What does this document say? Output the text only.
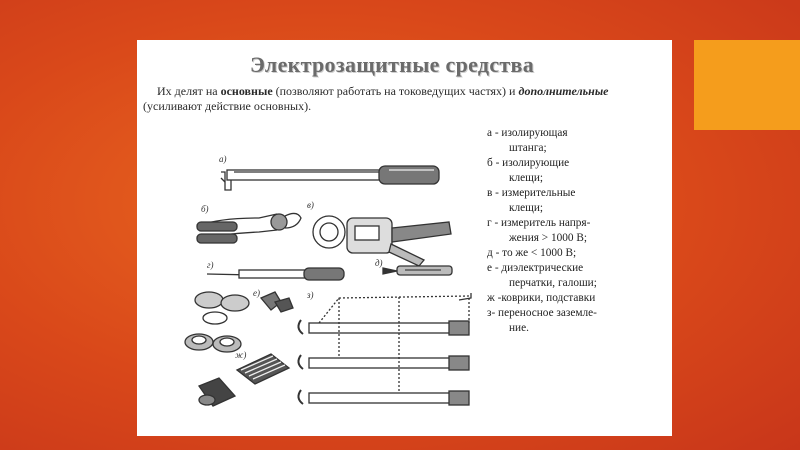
Электрозащитные средства
Их делят на основные (позволяют работать на токоведущих частях) и дополнительные (усиливают действие основных).
а - изолирующая
штанга;
б - изолирующие
клещи;
в - измерительные
клещи;
г - измеритель напря-
жения > 1000 В;
д - то же < 1000 В;
е - диэлектрические
перчатки, галоши;
ж -коврики, подставки
з- переносное заземле-
ние.
а)
б)	в)
г)	д)
е)	з)
ж)
